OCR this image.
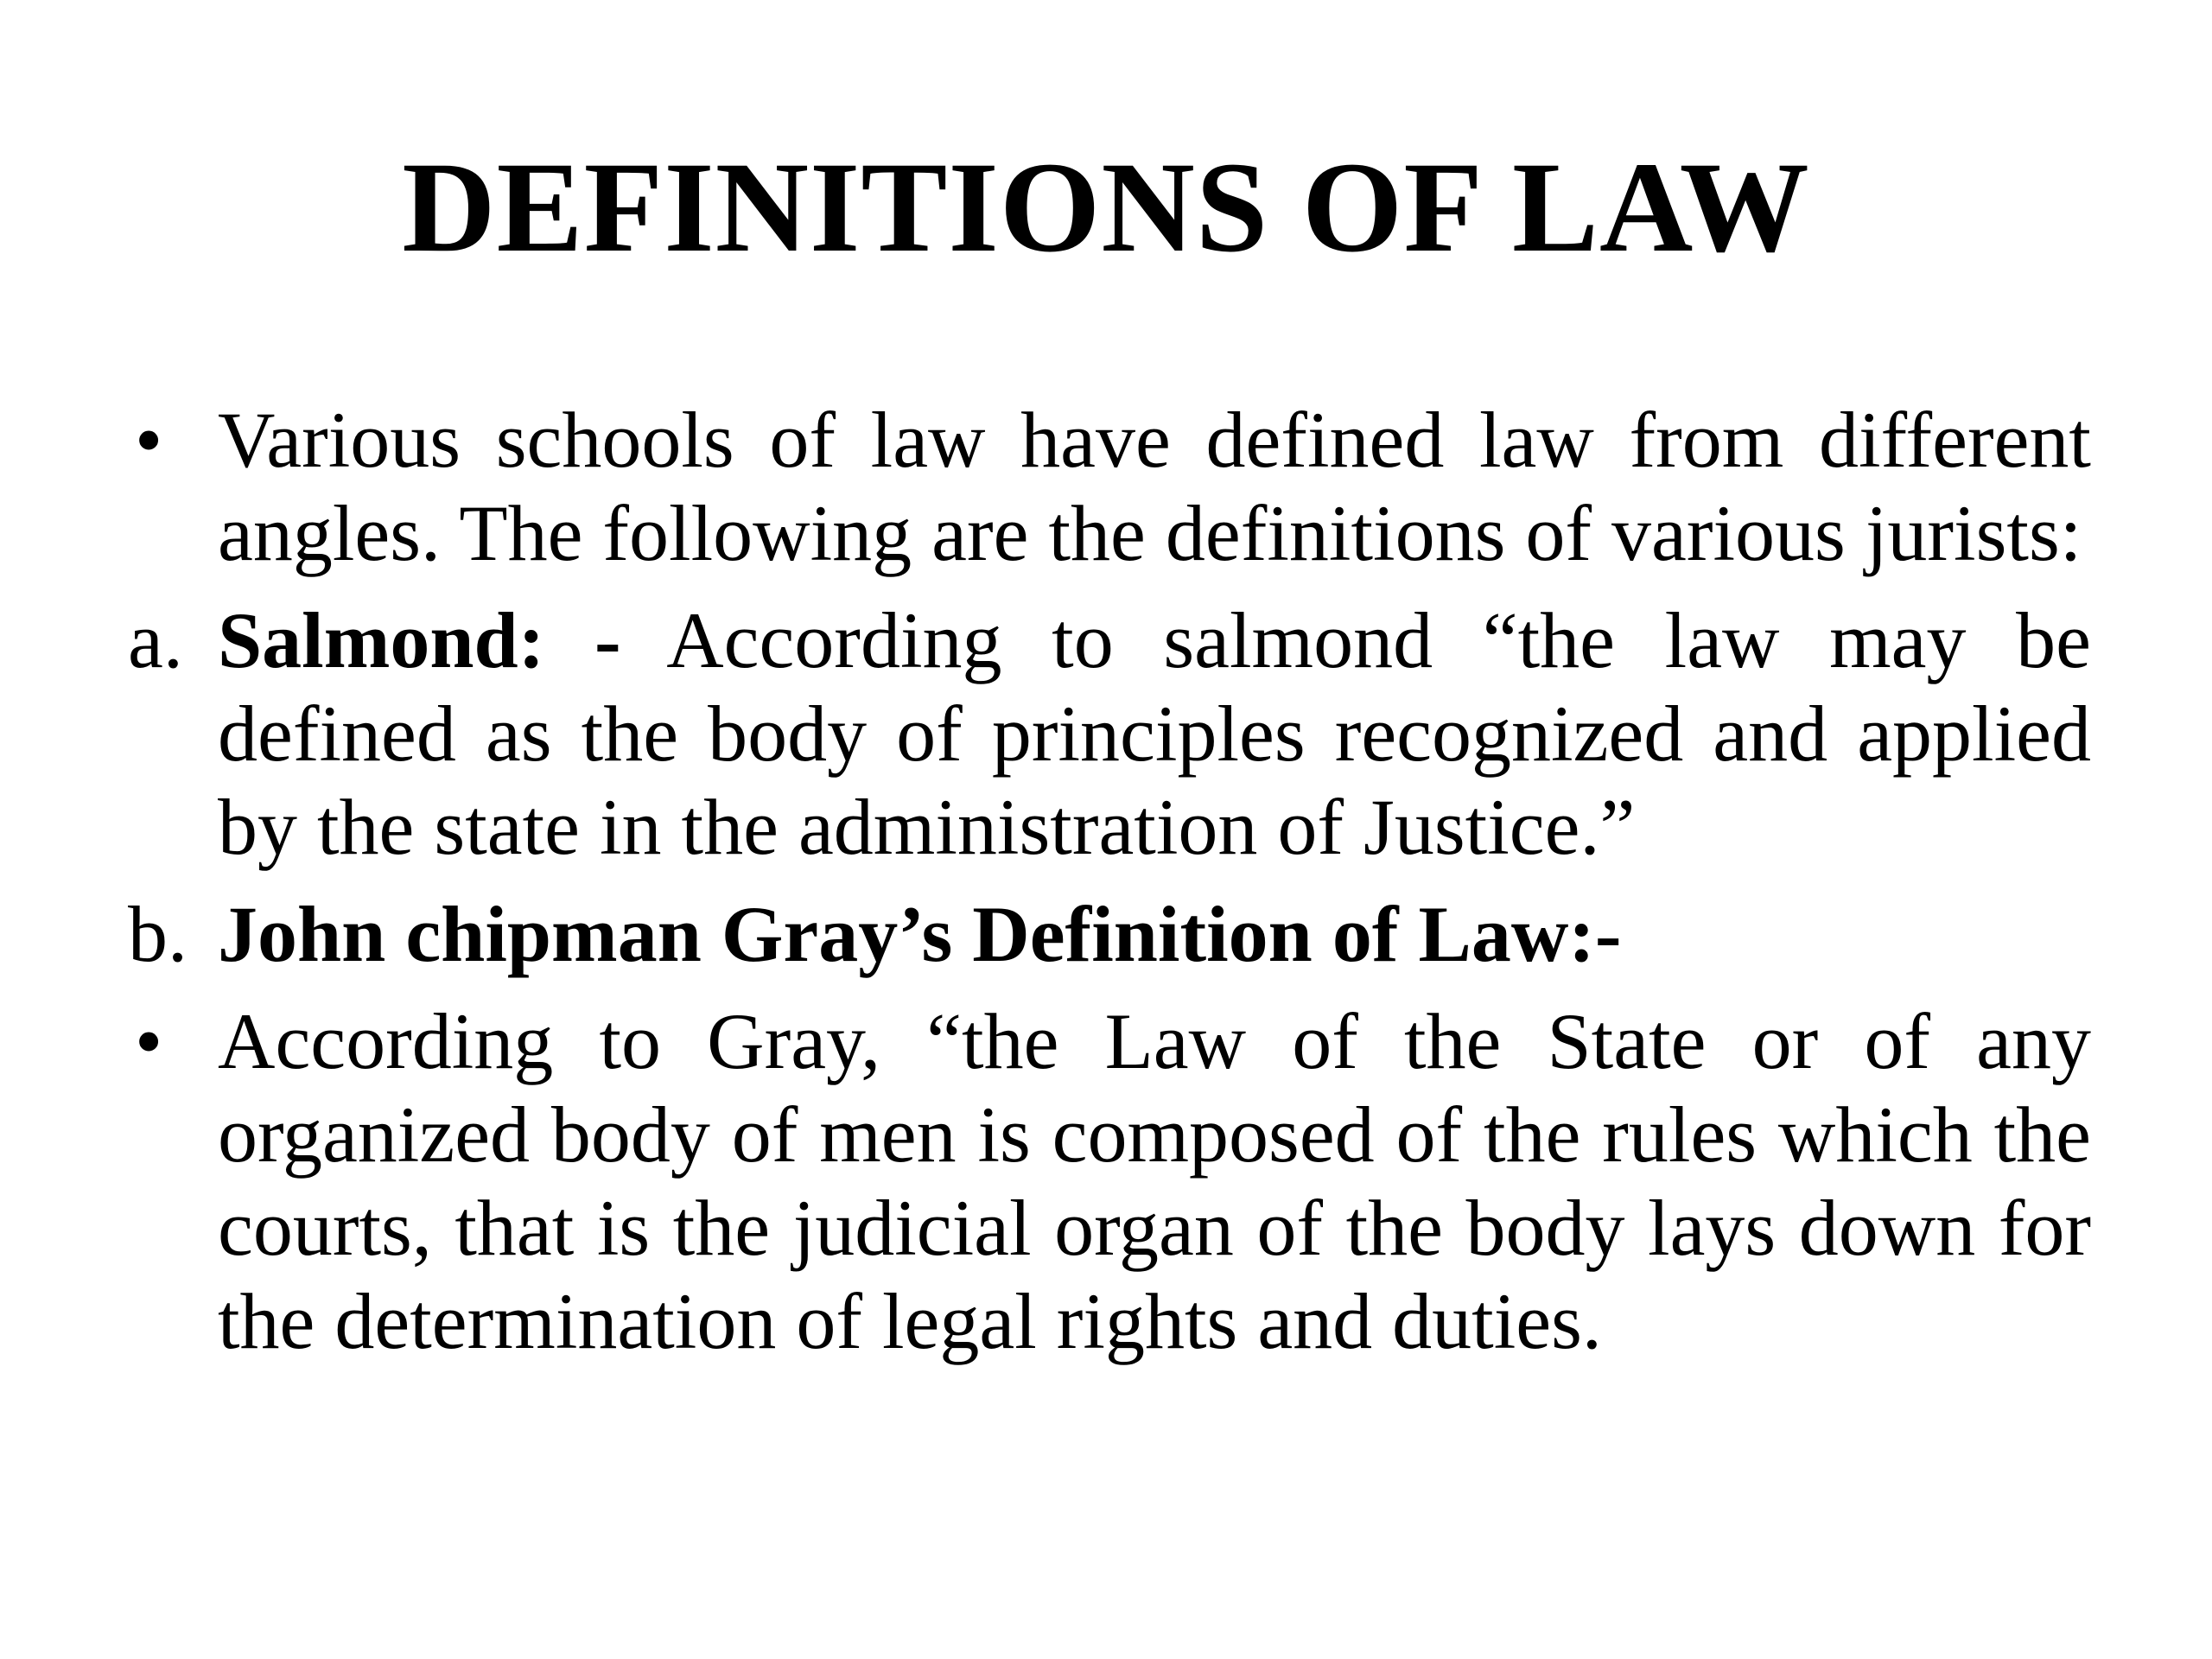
DEFINITIONS OF LAW
• Various schools of law have defined law from different angles. The following are the definitions of various jurists:
a. Salmond: - According to salmond “the law may be defined as the body of principles recognized and applied by the state in the administration of Justice.”
b. John chipman Gray’s Definition of Law:-
• According to Gray, “the Law of the State or of any organized body of men is composed of the rules which the courts, that is the judicial organ of the body lays down for the determination of legal rights and duties.
